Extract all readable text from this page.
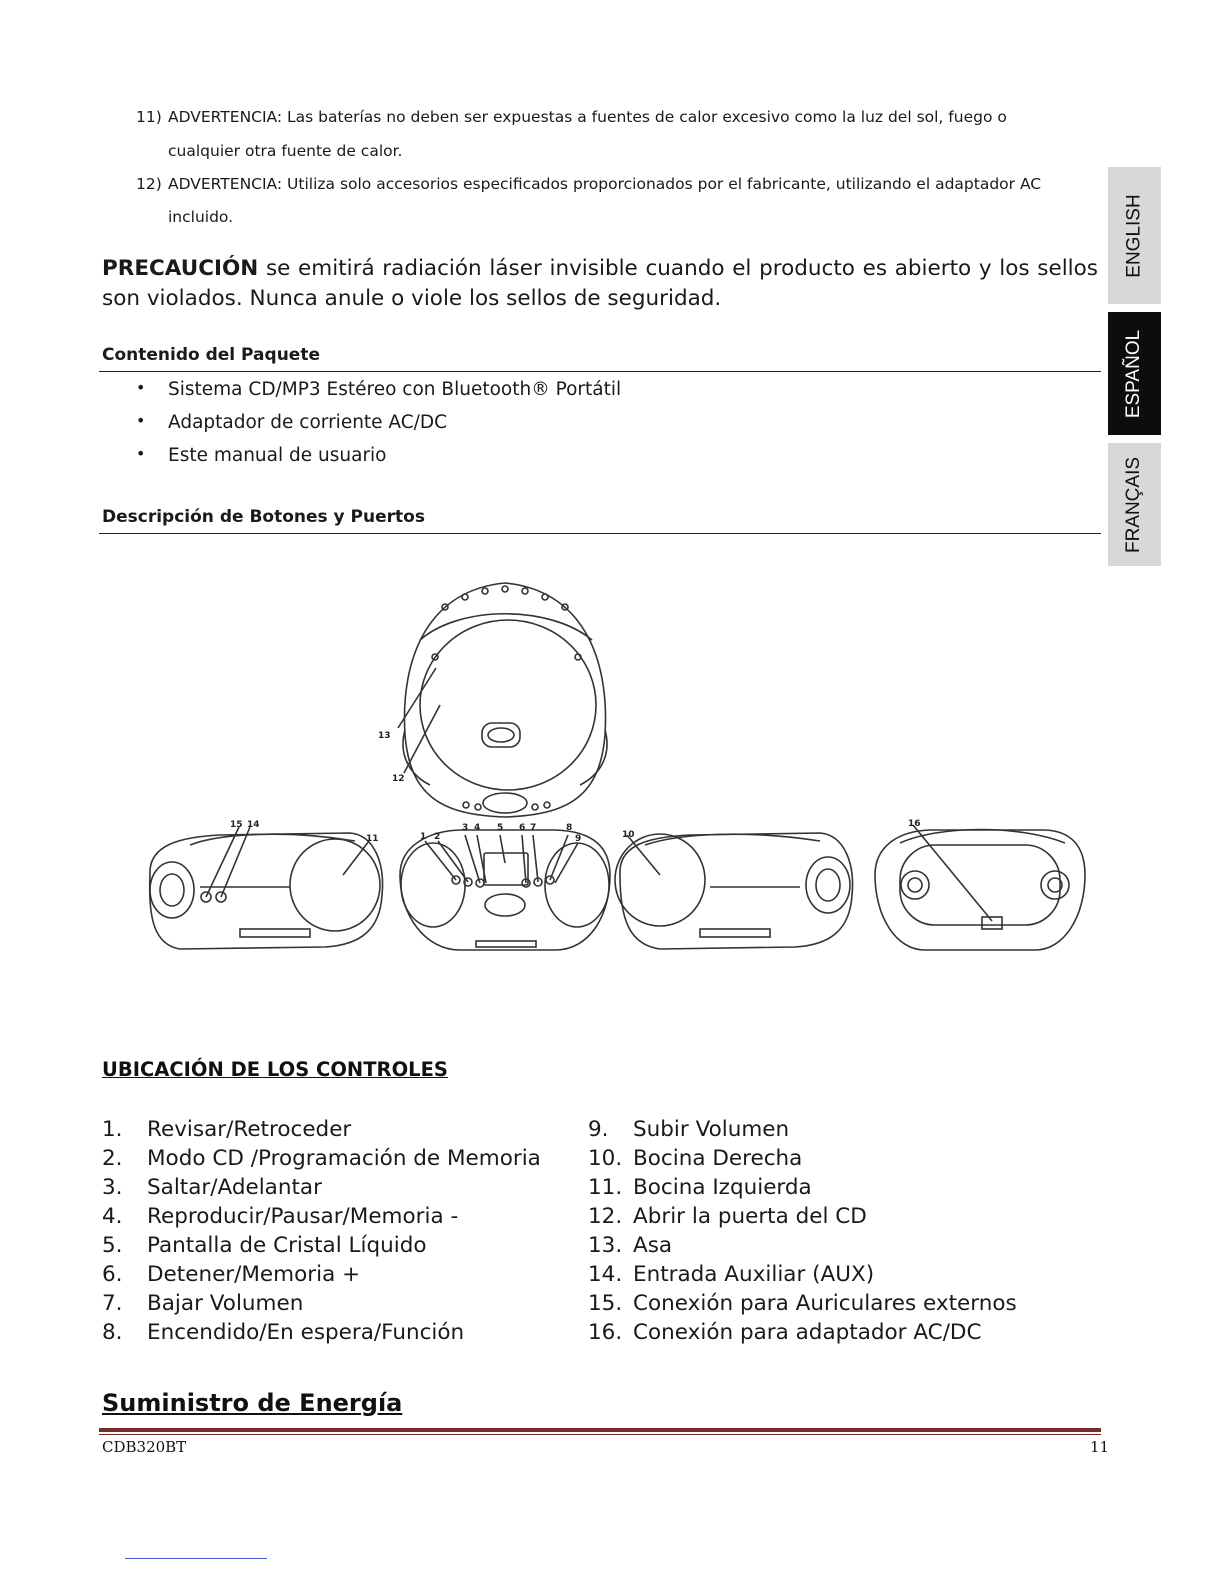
11) ADVERTENCIA: Las baterías no deben ser expuestas a fuentes de calor excesivo como la luz del sol, fuego o
cualquier otra fuente de calor.
12) ADVERTENCIA: Utiliza solo accesorios especificados proporcionados por el fabricante, utilizando el adaptador AC
incluido.
PRECAUCIÓN se emitirá radiación láser invisible cuando el producto es abierto y los sellos son violados. Nunca anule o viole los sellos de seguridad.
Contenido del Paquete
• Sistema CD/MP3 Estéreo con Bluetooth® Portátil
• Adaptador de corriente AC/DC
• Este manual de usuario
Descripción de Botones y Puertos
13
12
15 14
11	1 2
3 4 5 6 7	8
9	10
16
UBICACIÓN DE LOS CONTROLES
1. Revisar/Retroceder
2. Modo CD /Programación de Memoria
3. Saltar/Adelantar
4. Reproducir/Pausar/Memoria -
5. Pantalla de Cristal Líquido
6. Detener/Memoria +
7. Bajar Volumen
8. Encendido/En espera/Función
9. Subir Volumen
10. Bocina Derecha
11. Bocina Izquierda
12. Abrir la puerta del CD
13. Asa
14. Entrada Auxiliar (AUX)
15. Conexión para Auriculares externos
16. Conexión para adaptador AC/DC
Suministro de Energía
CDB320BT	11
ENGLISH
ESPAÑOL
FRANÇAIS
